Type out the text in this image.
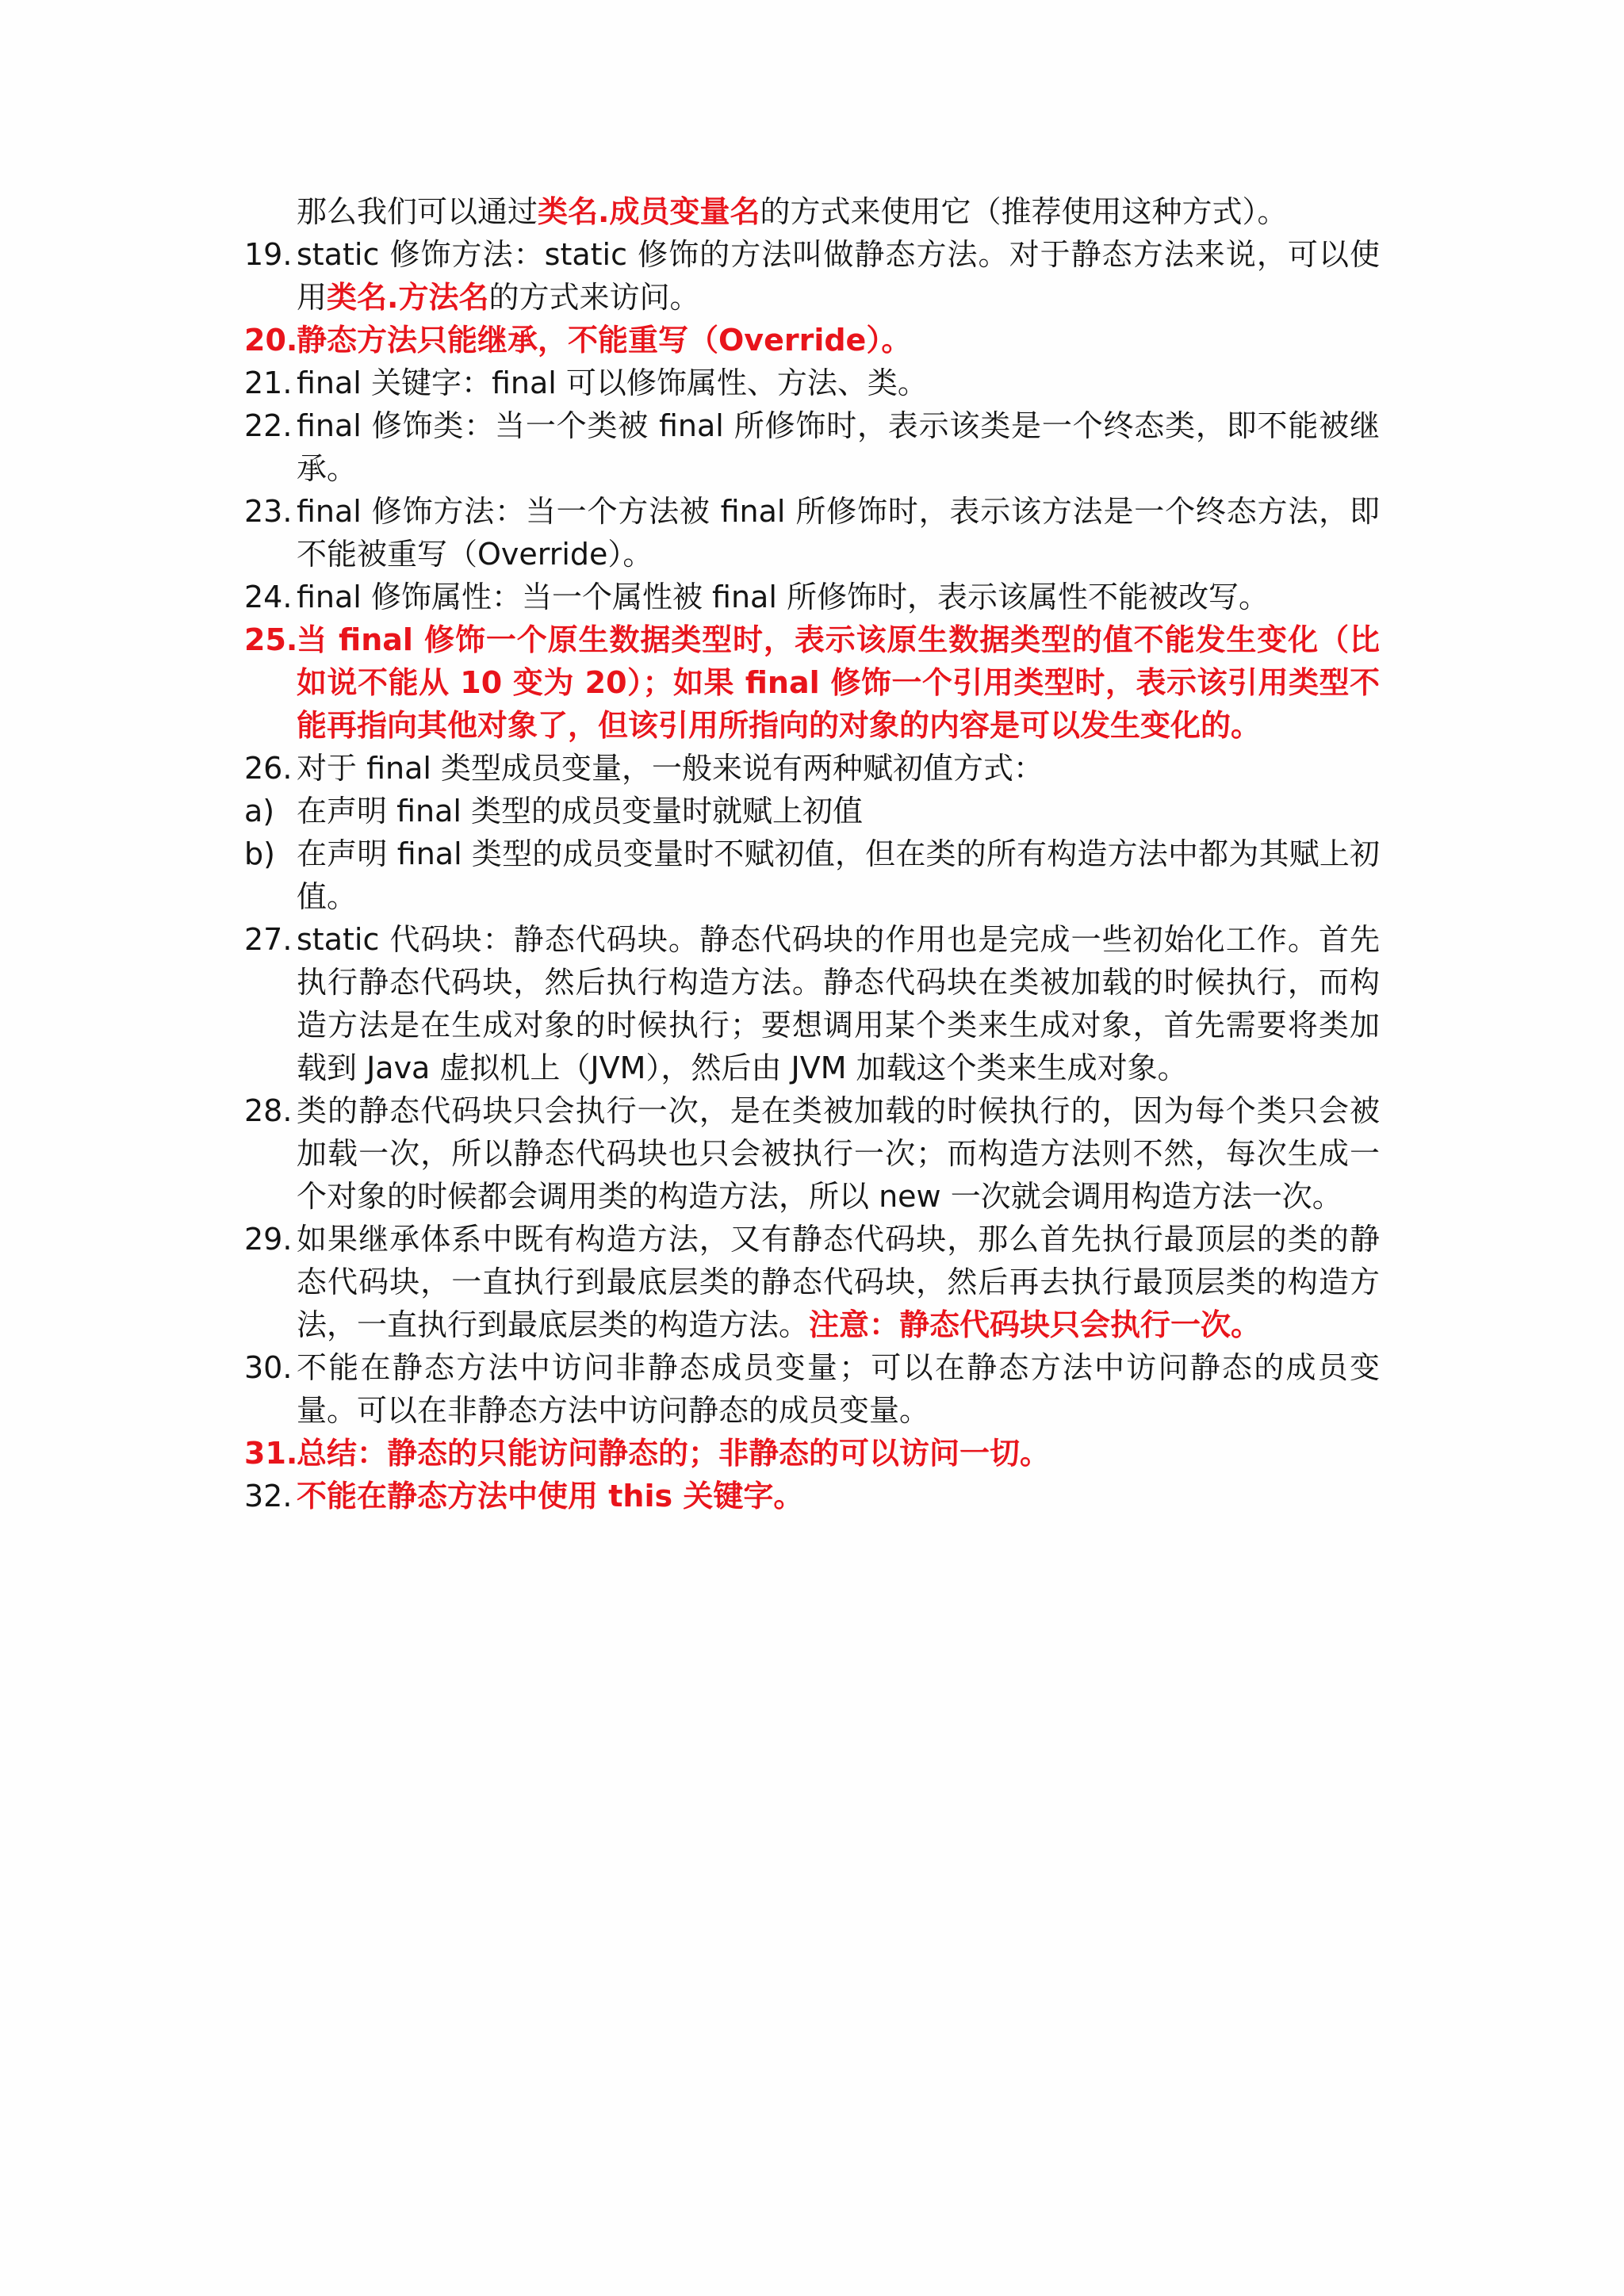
那么我们可以通过类名.成员变量名的方式来使用它（推荐使用这种方式）。
19. static 修饰方法：static 修饰的方法叫做静态方法。对于静态方法来说，可以使用类名.方法名的方式来访问。
20.
静态方法只能继承，不能重写（Override）。
21. final 关键字：final 可以修饰属性、方法、类。
22. final 修饰类：当一个类被 final 所修饰时，表示该类是一个终态类，即不能被继承。
23. final 修饰方法：当一个方法被 final 所修饰时，表示该方法是一个终态方法，即不能被重写（Override）。
24. final 修饰属性：当一个属性被 final 所修饰时，表示该属性不能被改写。
25.
当 final 修饰一个原生数据类型时，表示该原生数据类型的值不能发生变化（比如说不能从 10 变为 20）；如果 final 修饰一个引用类型时，表示该引用类型不能再指向其他对象了，但该引用所指向的对象的内容是可以发生变化的。
26. 对于 final 类型成员变量，一般来说有两种赋初值方式：
a) 在声明 final 类型的成员变量时就赋上初值
b) 在声明 final 类型的成员变量时不赋初值，但在类的所有构造方法中都为其赋上初值。
27. static 代码块：静态代码块。静态代码块的作用也是完成一些初始化工作。首先执行静态代码块，然后执行构造方法。静态代码块在类被加载的时候执行，而构造方法是在生成对象的时候执行；要想调用某个类来生成对象，首先需要将类加载到 Java 虚拟机上（JVM），然后由 JVM 加载这个类来生成对象。
28. 类的静态代码块只会执行一次，是在类被加载的时候执行的，因为每个类只会被加载一次，所以静态代码块也只会被执行一次；而构造方法则不然，每次生成一个对象的时候都会调用类的构造方法，所以 new 一次就会调用构造方法一次。
29. 如果继承体系中既有构造方法，又有静态代码块，那么首先执行最顶层的类的静态代码块，一直执行到最底层类的静态代码块，然后再去执行最顶层类的构造方法，一直执行到最底层类的构造方法。注意：静态代码块只会执行一次。
30. 不能在静态方法中访问非静态成员变量；可以在静态方法中访问静态的成员变量。可以在非静态方法中访问静态的成员变量。
31.
总结：静态的只能访问静态的；非静态的可以访问一切。
32. 不能在静态方法中使用 this 关键字。
